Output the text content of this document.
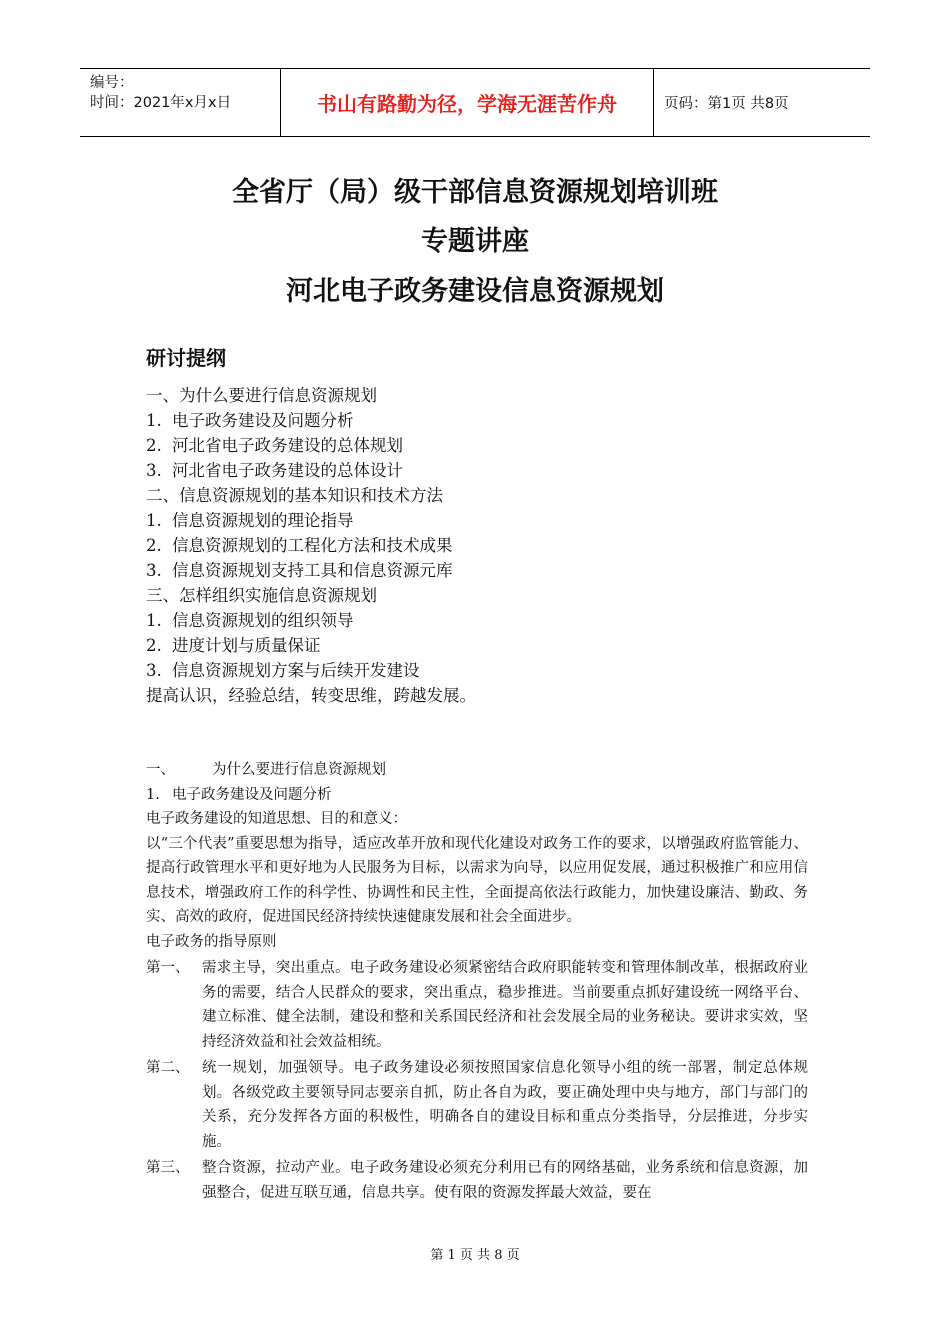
编号：
时间：2021年x月x日	书山有路勤为径，学海无涯苦作舟	页码：第1页 共8页
全省厅（局）级干部信息资源规划培训班
专题讲座
河北电子政务建设信息资源规划
研讨提纲
一、为什么要进行信息资源规划
1. 电子政务建设及问题分析
2. 河北省电子政务建设的总体规划
3. 河北省电子政务建设的总体设计
二、信息资源规划的基本知识和技术方法
1. 信息资源规划的理论指导
2. 信息资源规划的工程化方法和技术成果
3. 信息资源规划支持工具和信息资源元库
三、怎样组织实施信息资源规划
1. 信息资源规划的组织领导
2. 进度计划与质量保证
3. 信息资源规划方案与后续开发建设
提高认识，经验总结，转变思维，跨越发展。
一、	为什么要进行信息资源规划
1. 电子政务建设及问题分析
电子政务建设的知道思想、目的和意义：

以“三个代表”重要思想为指导，适应改革开放和现代化建设对政务工作的要求，以增强政府监管能力、提高行政管理水平和更好地为人民服务为目标，以需求为向导，以应用促发展，通过积极推广和应用信息技术，增强政府工作的科学性、协调性和民主性，全面提高依法行政能力，加快建设廉洁、勤政、务实、高效的政府，促进国民经济持续快速健康发展和社会全面进步。

电子政务的指导原则
第一、 需求主导，突出重点。电子政务建设必须紧密结合政府职能转变和管理体制改革，根据政府业务的需要，结合人民群众的要求，突出重点，稳步推进。当前要重点抓好建设统一网络平台、建立标准、健全法制，建设和整和关系国民经济和社会发展全局的业务秘诀。要讲求实效，坚持经济效益和社会效益相统。
第二、 统一规划，加强领导。电子政务建设必须按照国家信息化领导小组的统一部署，制定总体规划。各级党政主要领导同志要亲自抓，防止各自为政，要正确处理中央与地方，部门与部门的关系，充分发挥各方面的积极性，明确各自的建设目标和重点分类指导，分层推进，分步实施。
第三、 整合资源，拉动产业。电子政务建设必须充分利用已有的网络基础，业务系统和信息资源，加强整合，促进互联互通，信息共享。使有限的资源发挥最大效益，要在
第 1 页 共 8 页
